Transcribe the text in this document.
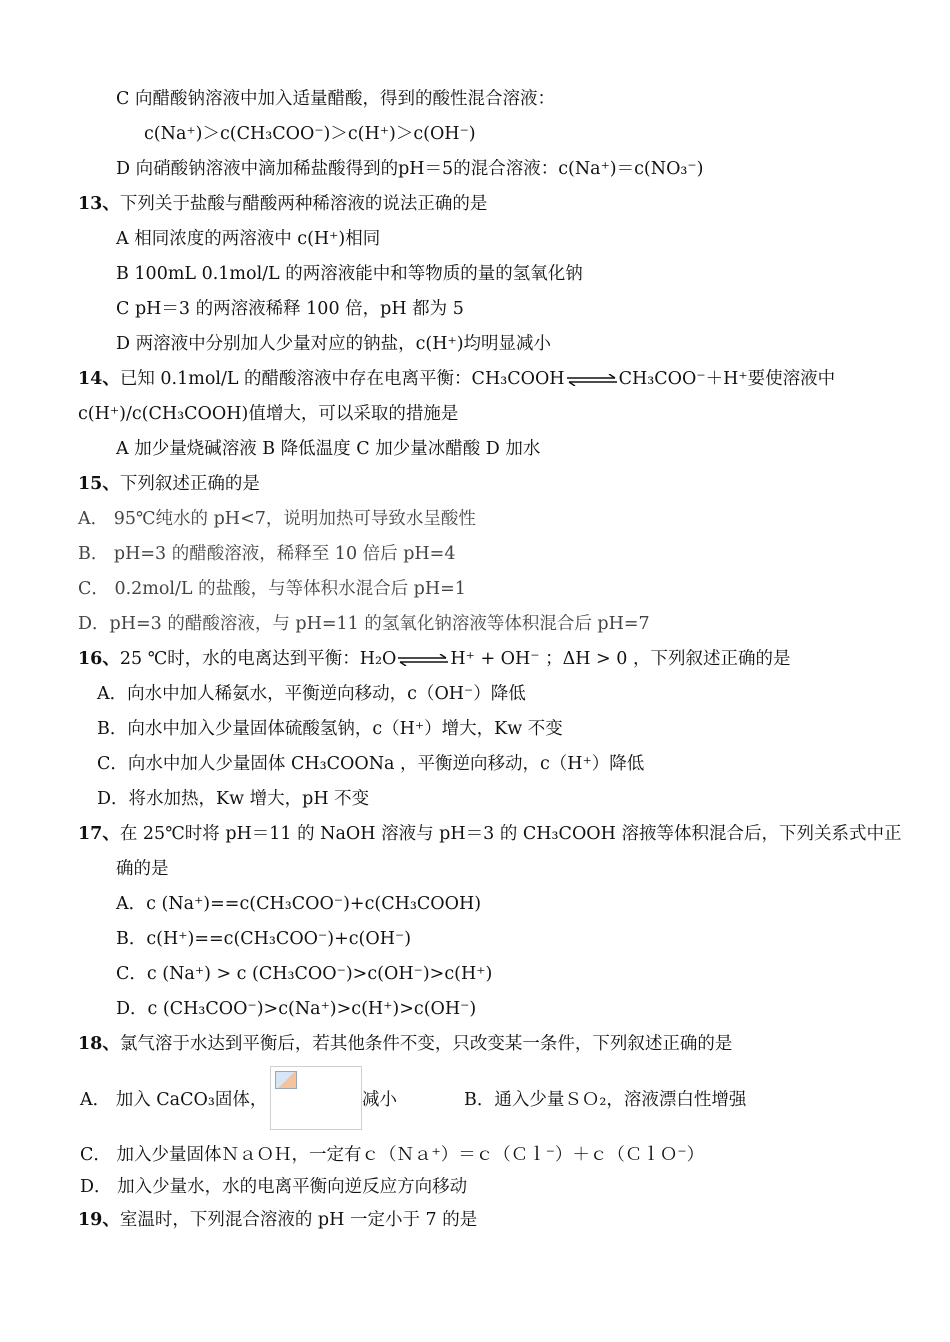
C 向醋酸钠溶液中加入适量醋酸，得到的酸性混合溶液：
c(Na⁺)＞c(CH₃COO⁻)＞c(H⁺)＞c(OH⁻)
D 向硝酸钠溶液中滴加稀盐酸得到的pH＝5的混合溶液：c(Na⁺)＝c(NO₃⁻)
13、下列关于盐酸与醋酸两种稀溶液的说法正确的是
A 相同浓度的两溶液中 c(H⁺)相同
B 100mL 0.1mol/L 的两溶液能中和等物质的量的氢氧化钠
C pH＝3 的两溶液稀释 100 倍，pH 都为 5
D 两溶液中分别加人少量对应的钠盐，c(H⁺)均明显减小
14、已知 0.1mol/L 的醋酸溶液中存在电离平衡：CH₃COOH ⇌ CH₃COO⁻＋H⁺要使溶液中
c(H⁺)/c(CH₃COOH)值增大，可以采取的措施是
A 加少量烧碱溶液 B 降低温度 C 加少量冰醋酸 D 加水
15、下列叙述正确的是
A． 95℃纯水的 pH<7，说明加热可导致水呈酸性
B． pH=3 的醋酸溶液，稀释至 10 倍后 pH=4
C． 0.2mol/L 的盐酸，与等体积水混合后 pH=1
D．pH=3 的醋酸溶液，与 pH=11 的氢氧化钠溶液等体积混合后 pH=7
16、25 ℃时，水的电离达到平衡：H₂O ⇌ H⁺ + OH⁻ ；ΔH > 0 ，下列叙述正确的是
A．向水中加人稀氨水，平衡逆向移动，c（OH⁻）降低
B．向水中加入少量固体硫酸氢钠，c（H⁺）增大，Kw 不变
C．向水中加人少量固体 CH₃COONa ，平衡逆向移动，c（H⁺）降低
D．将水加热，Kw 增大，pH 不变
17、在 25℃时将 pH＝11 的 NaOH 溶液与 pH＝3 的 CH₃COOH 溶掖等体积混合后，下列关系式中正
确的是
A．c (Na⁺)==c(CH₃COO⁻)+c(CH₃COOH)
B．c(H⁺)==c(CH₃COO⁻)+c(OH⁻)
C．c (Na⁺) > c (CH₃COO⁻)>c(OH⁻)>c(H⁺)
D．c (CH₃COO⁻)>c(Na⁺)>c(H⁺)>c(OH⁻)
18、氯气溶于水达到平衡后，若其他条件不变，只改变某一条件，下列叙述正确的是
A． 加入 CaCO₃固体，	减小	B．通入少量ＳＯ₂，溶液漂白性增强
C． 加入少量固体ＮａＯＨ，一定有ｃ（Ｎａ⁺）＝ｃ（Ｃｌ⁻）＋ｃ（ＣｌＯ⁻）
D． 加入少量水，水的电离平衡向逆反应方向移动
19、室温时，下列混合溶液的 pH 一定小于 7 的是
